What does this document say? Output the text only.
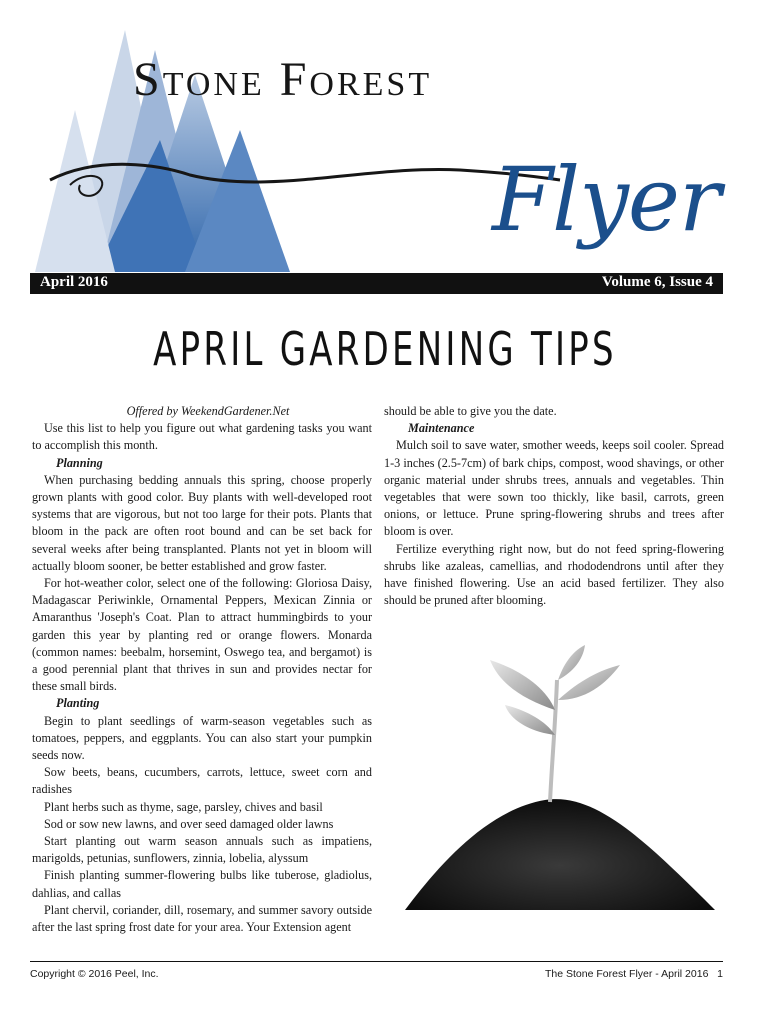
Stone Forest
Flyer
April 2016	Volume 6, Issue 4
APRIL GARDENING TIPS

Offered by WeekendGardener.Net

Use this list to help you figure out what gardening tasks you want to accomplish this month.

Planning

When purchasing bedding annuals this spring, choose properly grown plants with good color. Buy plants with well-developed root systems that are vigorous, but not too large for their pots. Plants that bloom in the pack are often root bound and can be set back for several weeks after being transplanted. Plants not yet in bloom will actually bloom sooner, be better established and grow faster.

For hot-weather color, select one of the following: Gloriosa Daisy, Madagascar Periwinkle, Ornamental Peppers, Mexican Zinnia or Amaranthus 'Joseph's Coat. Plan to attract hummingbirds to your garden this year by planting red or orange flowers. Monarda (common names: beebalm, horsemint, Oswego tea, and bergamot) is a good perennial plant that thrives in sun and provides nectar for these small birds.

Planting

Begin to plant seedlings of warm-season vegetables such as tomatoes, peppers, and eggplants. You can also start your pumpkin seeds now.

Sow beets, beans, cucumbers, carrots, lettuce, sweet corn and radishes

Plant herbs such as thyme, sage, parsley, chives and basil

Sod or sow new lawns, and over seed damaged older lawns

Start planting out warm season annuals such as impatiens, marigolds, petunias, sunflowers, zinnia, lobelia, alyssum

Finish planting summer-flowering bulbs like tuberose, gladiolus, dahlias, and callas

Plant chervil, coriander, dill, rosemary, and summer savory outside after the last spring frost date for your area. Your Extension agent

should be able to give you the date.

Maintenance

Mulch soil to save water, smother weeds, keeps soil cooler. Spread 1-3 inches (2.5-7cm) of bark chips, compost, wood shavings, or other organic material under shrubs trees, annuals and vegetables. Thin vegetables that were sown too thickly, like basil, carrots, green onions, or lettuce. Prune spring-flowering shrubs and trees after bloom is over.

Fertilize everything right now, but do not feed spring-flowering shrubs like azaleas, camellias, and rhododendrons until after they have finished flowering. Use an acid based fertilizer. They also should be pruned after blooming.

Copyright © 2016 Peel, Inc.	The Stone Forest Flyer - April 2016   1
